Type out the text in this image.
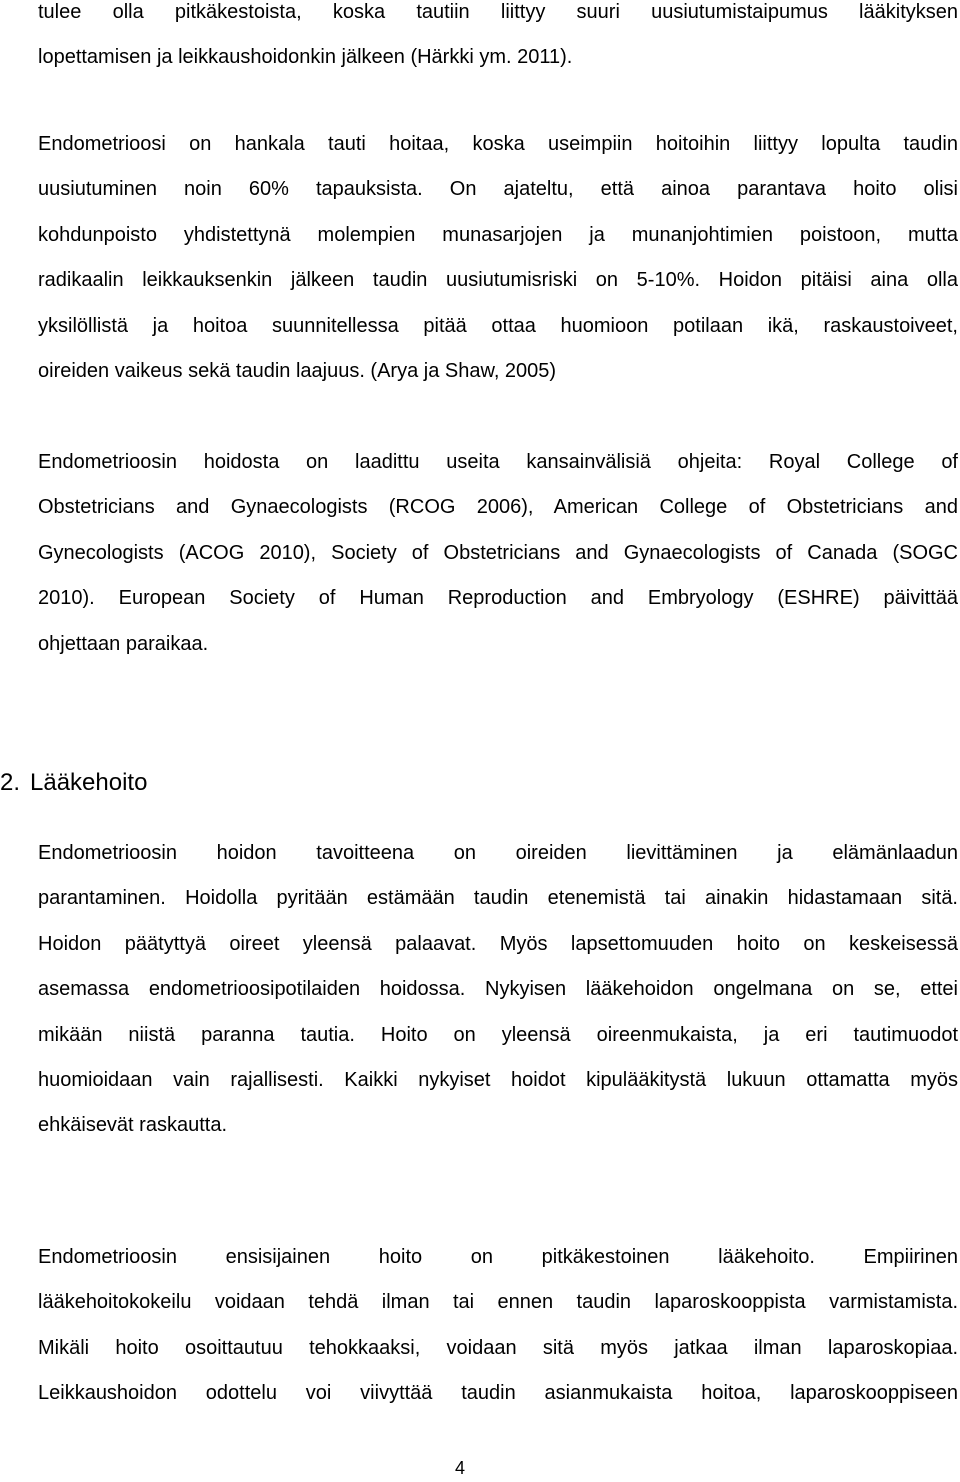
tulee olla pitkäkestoista, koska tautiin liittyy suuri uusiutumistaipumus lääkityksen
lopettamisen ja leikkaushoidonkin jälkeen (Härkki ym. 2011).

Endometrioosi on hankala tauti hoitaa, koska useimpiin hoitoihin liittyy lopulta taudin
uusiutuminen noin 60% tapauksista. On ajateltu, että ainoa parantava hoito olisi
kohdunpoisto yhdistettynä molempien munasarjojen ja munanjohtimien poistoon, mutta
radikaalin leikkauksenkin jälkeen taudin uusiutumisriski on 5-10%. Hoidon pitäisi aina olla
yksilöllistä ja hoitoa suunnitellessa pitää ottaa huomioon potilaan ikä, raskaustoiveet,
oireiden vaikeus sekä taudin laajuus. (Arya ja Shaw, 2005)

Endometrioosin hoidosta on laadittu useita kansainvälisiä ohjeita: Royal College of
Obstetricians and Gynaecologists (RCOG 2006), American College of Obstetricians and
Gynecologists (ACOG 2010), Society of Obstetricians and Gynaecologists of Canada (SOGC
2010). European Society of Human Reproduction and Embryology (ESHRE) päivittää
ohjettaan paraikaa.

2. Lääkehoito

Endometrioosin hoidon tavoitteena on oireiden lievittäminen ja elämänlaadun
parantaminen. Hoidolla pyritään estämään taudin etenemistä tai ainakin hidastamaan sitä.
Hoidon päätyttyä oireet yleensä palaavat. Myös lapsettomuuden hoito on keskeisessä
asemassa endometrioosipotilaiden hoidossa. Nykyisen lääkehoidon ongelmana on se, ettei
mikään niistä paranna tautia. Hoito on yleensä oireenmukaista, ja eri tautimuodot
huomioidaan vain rajallisesti. Kaikki nykyiset hoidot kipulääkitystä lukuun ottamatta myös
ehkäisevät raskautta.

Endometrioosin ensisijainen hoito on pitkäkestoinen lääkehoito. Empiirinen
lääkehoitokokeilu voidaan tehdä ilman tai ennen taudin laparoskooppista varmistamista.
Mikäli hoito osoittautuu tehokkaaksi, voidaan sitä myös jatkaa ilman laparoskopiaa.
Leikkaushoidon odottelu voi viivyttää taudin asianmukaista hoitoa, laparoskooppiseen

4
